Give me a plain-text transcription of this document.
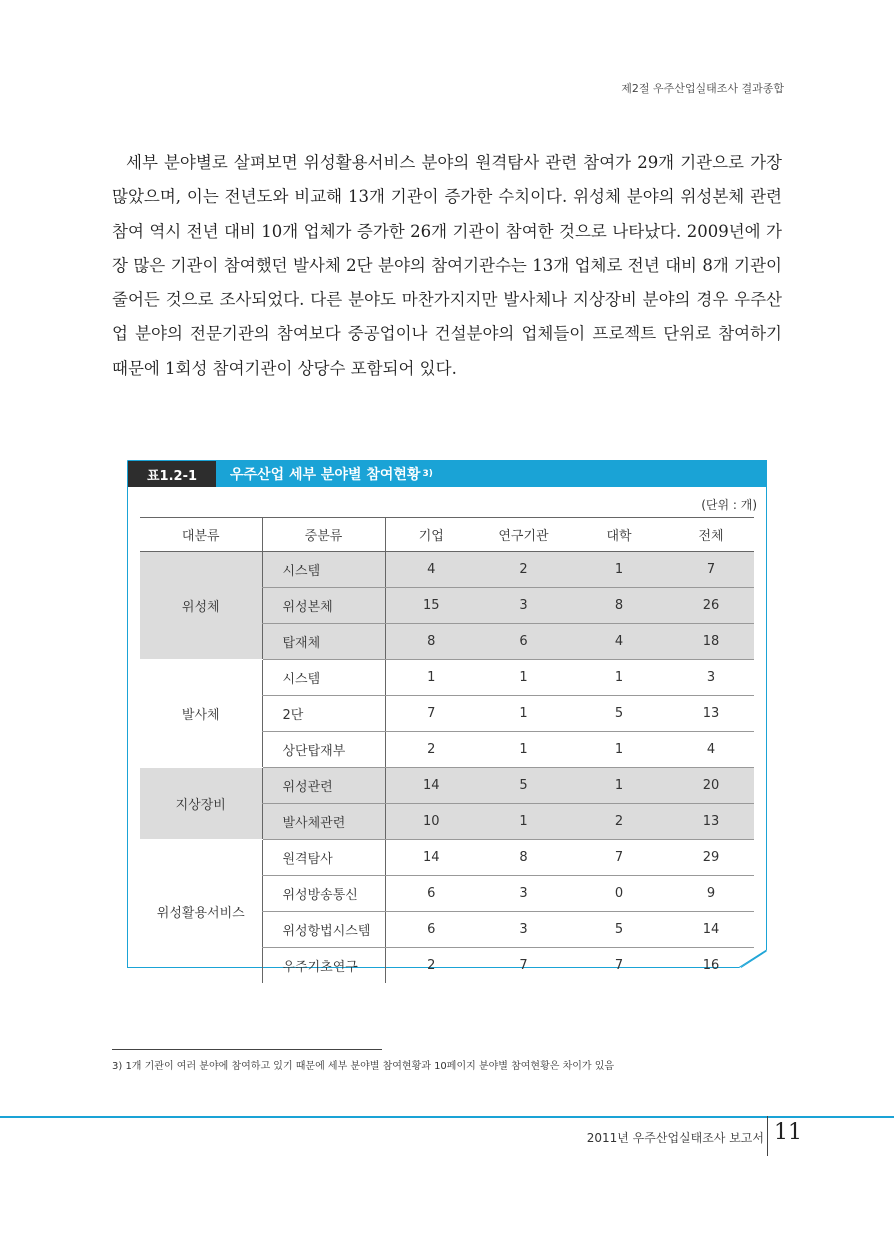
제2절 우주산업실태조사 결과종합

세부 분야별로 살펴보면 위성활용서비스 분야의 원격탐사 관련 참여가 29개 기관으로 가장 많았으며, 이는 전년도와 비교해 13개 기관이 증가한 수치이다. 위성체 분야의 위성본체 관련 참여 역시 전년 대비 10개 업체가 증가한 26개 기관이 참여한 것으로 나타났다. 2009년에 가장 많은 기관이 참여했던 발사체 2단 분야의 참여기관수는 13개 업체로 전년 대비 8개 기관이 줄어든 것으로 조사되었다. 다른 분야도 마찬가지지만 발사체나 지상장비 분야의 경우 우주산업 분야의 전문기관의 참여보다 중공업이나 건설분야의 업체들이 프로젝트 단위로 참여하기 때문에 1회성 참여기관이 상당수 포함되어 있다.

표1.2-1	우주산업 세부 분야별 참여현황 3)
(단위 : 개)
대분류	중분류	기업	연구기관	대학	전체
위성체	시스템	4	2	1	7
	위성본체	15	3	8	26
	탑재체	8	6	4	18
발사체	시스템	1	1	1	3
	2단	7	1	5	13
	상단탑재부	2	1	1	4
지상장비	위성관련	14	5	1	20
	발사체관련	10	1	2	13
위성활용서비스	원격탐사	14	8	7	29
	위성방송통신	6	3	0	9
	위성항법시스템	6	3	5	14
	우주기초연구	2	7	7	16
3) 1개 기관이 여러 분야에 참여하고 있기 때문에 세부 분야별 참여현황과 10페이지 분야별 참여현황은 차이가 있음
2011년 우주산업실태조사 보고서 11
